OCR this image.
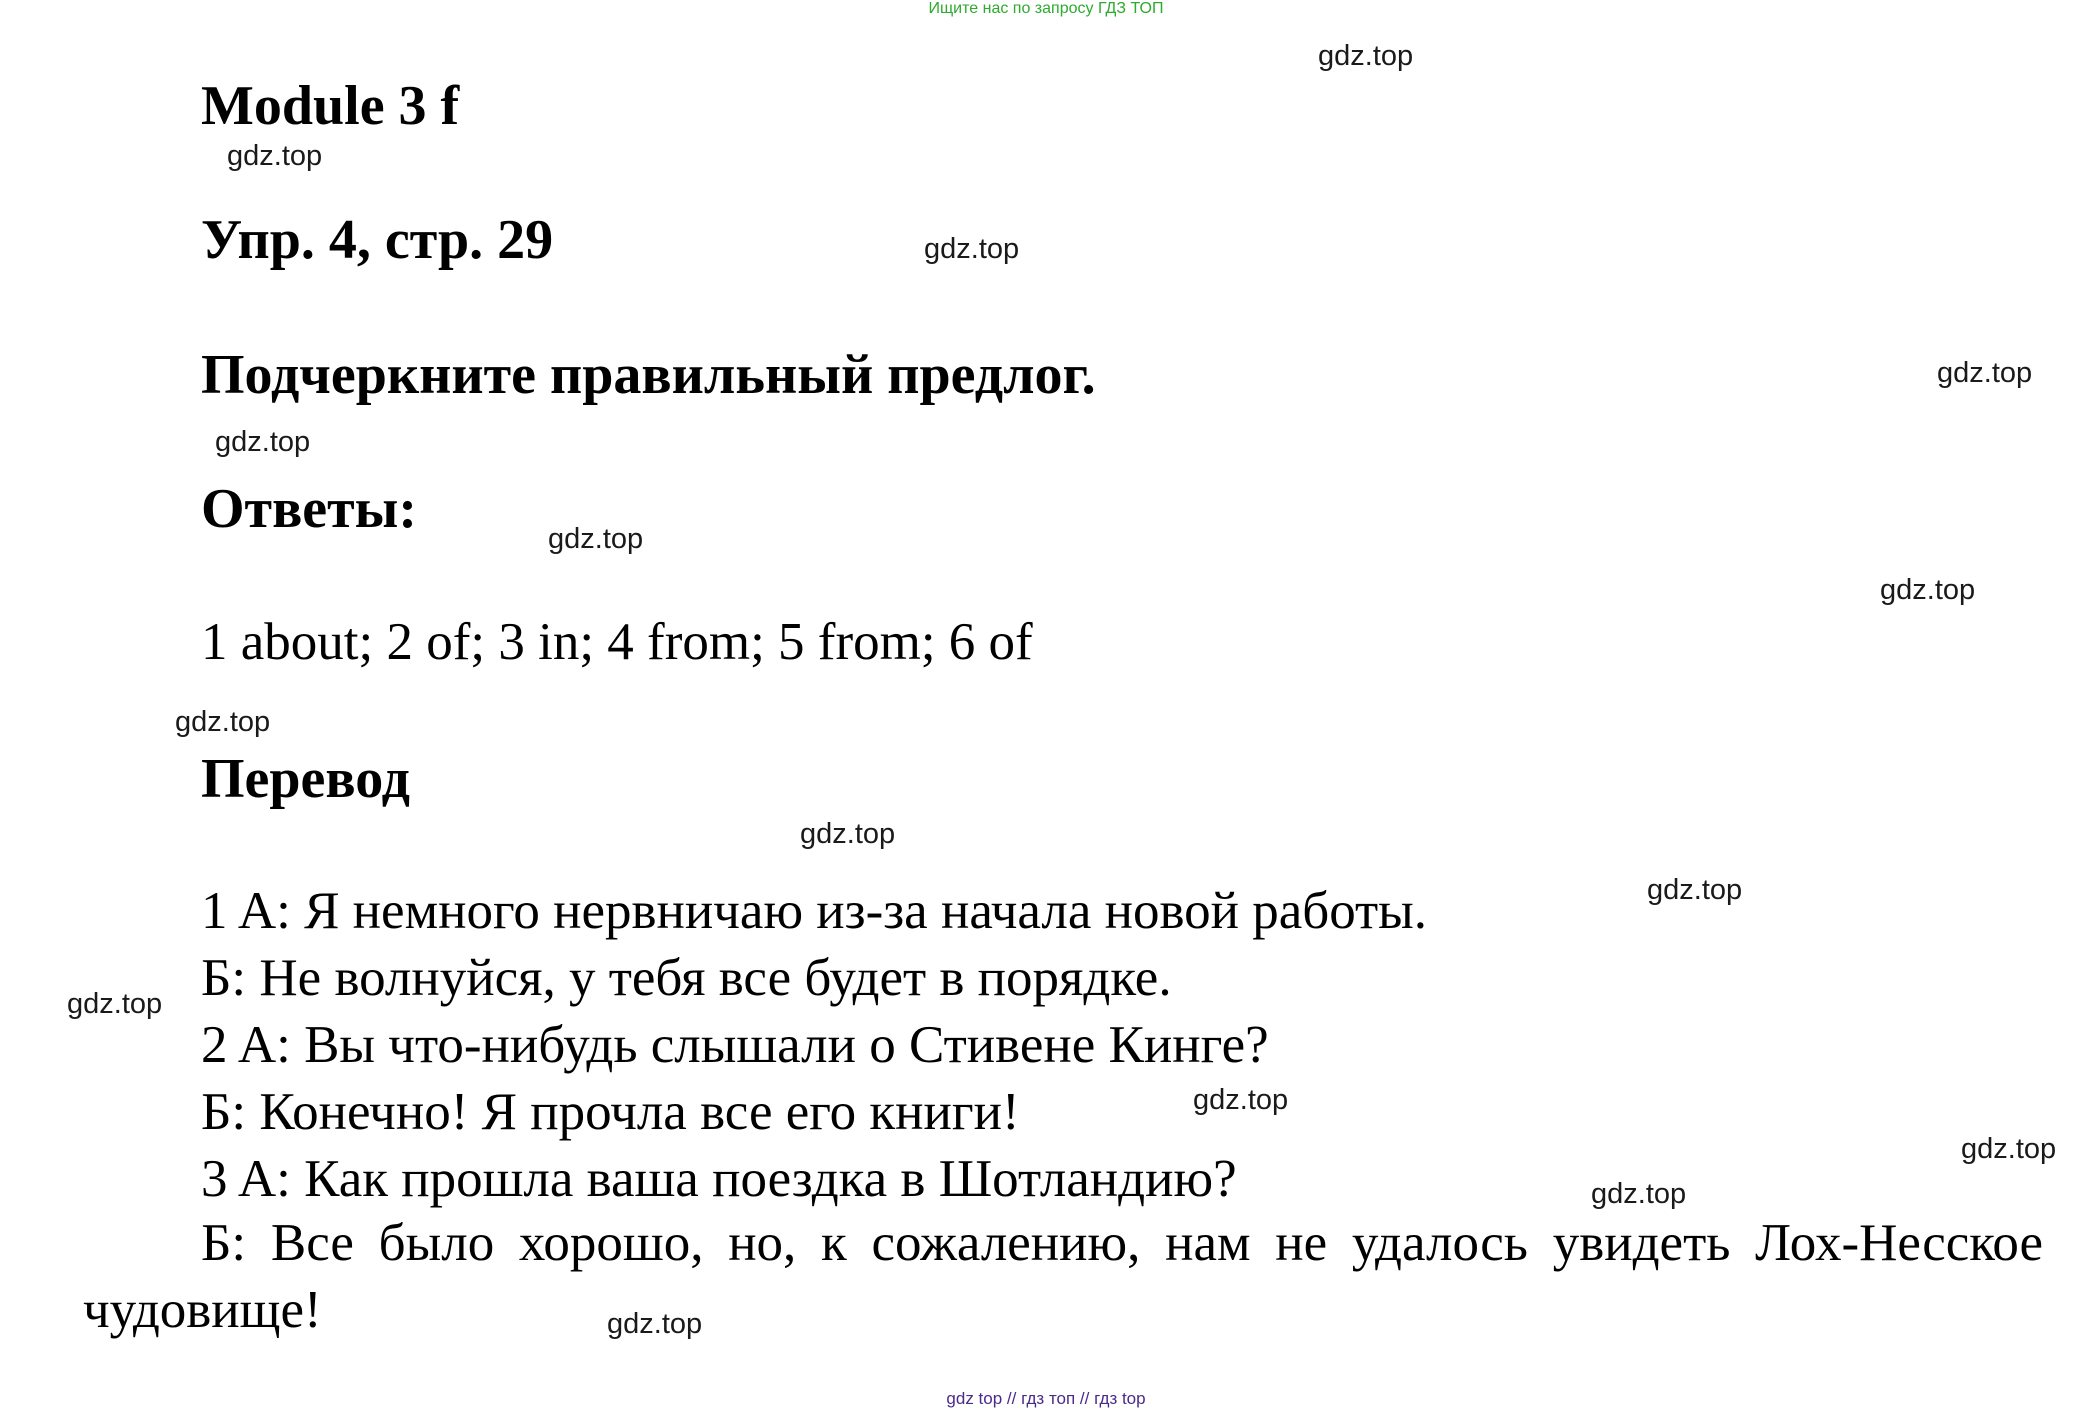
Ищите нас по запросу ГДЗ ТОП
Module 3 f
Упр. 4, стр. 29
Подчеркните правильный предлог.
Ответы:
1 about; 2 of; 3 in; 4 from; 5 from; 6 of
Перевод
1 A: Я немного нервничаю из-за начала новой работы.
Б: Не волнуйся, у тебя все будет в порядке.
2 A: Вы что-нибудь слышали о Стивене Кинге?
Б: Конечно! Я прочла все его книги!
3 A: Как прошла ваша поездка в Шотландию?
Б: Все было хорошо, но, к сожалению, нам не удалось увидеть Лох-Несское чудовище!
gdz.top
gdz.top
gdz.top
gdz.top
gdz.top
gdz.top
gdz.top
gdz.top
gdz.top
gdz.top
gdz.top
gdz.top
gdz.top
gdz.top
gdz.top
gdz top // гдз топ // гдз top
